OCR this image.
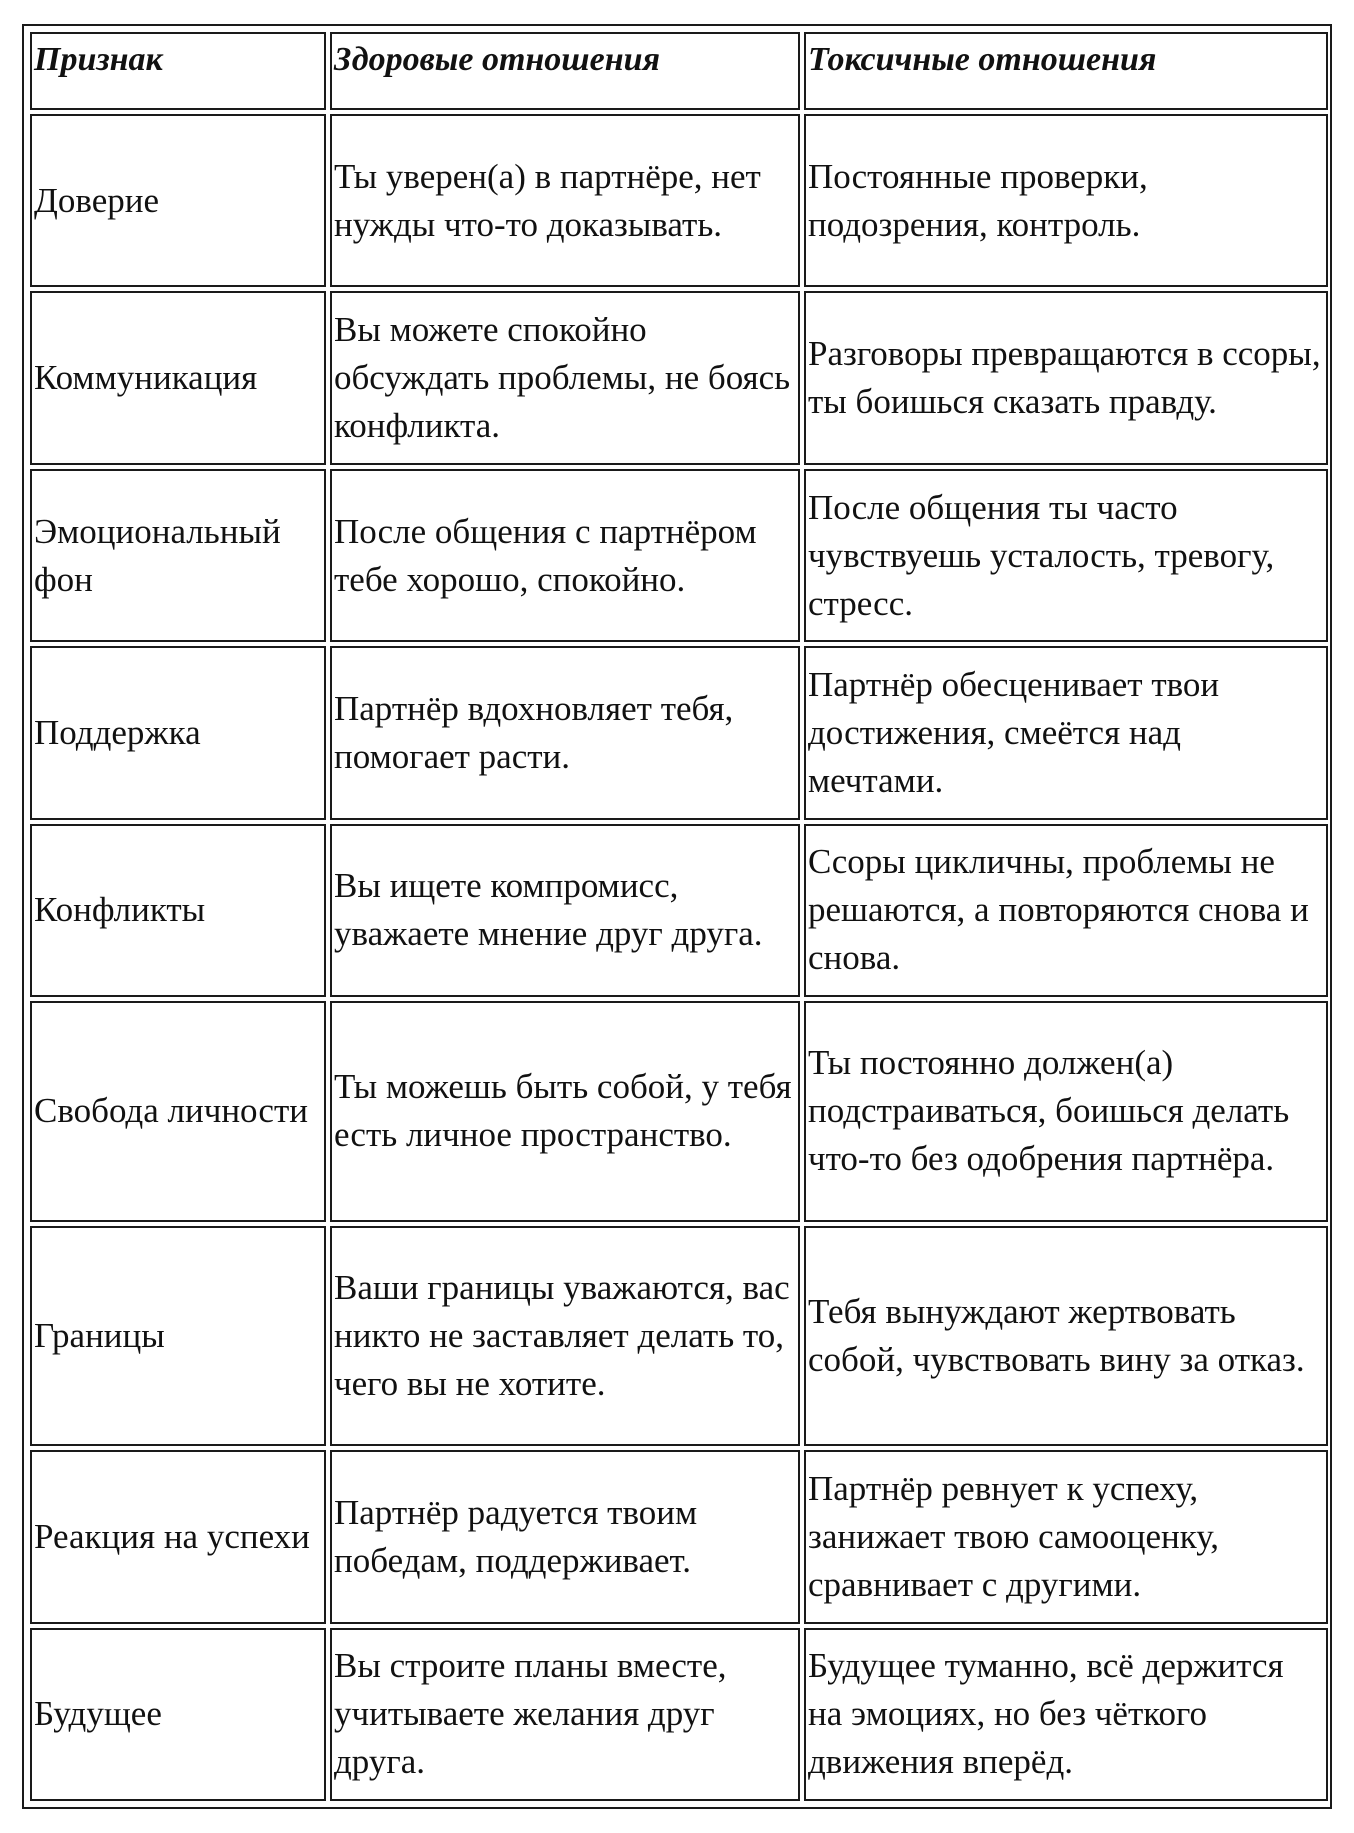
Признак	Здоровые отношения	Токсичные отношения
Доверие	Ты уверен(а) в партнёре, нет нужды что-то доказывать.	Постоянные проверки, подозрения, контроль.
Коммуникация	Вы можете спокойно обсуждать проблемы, не боясь конфликта.	Разговоры превращаются в ссоры, ты боишься сказать правду.
Эмоциональный фон	После общения с партнёром тебе хорошо, спокойно.	После общения ты часто чувствуешь усталость, тревогу, стресс.
Поддержка	Партнёр вдохновляет тебя, помогает расти.	Партнёр обесценивает твои достижения, смеётся над мечтами.
Конфликты	Вы ищете компромисс, уважаете мнение друг друга.	Ссоры цикличны, проблемы не решаются, а повторяются снова и снова.
Свобода личности	Ты можешь быть собой, у тебя есть личное пространство.	Ты постоянно должен(а) подстраиваться, боишься делать что-то без одобрения партнёра.
Границы	Ваши границы уважаются, вас никто не заставляет делать то, чего вы не хотите.	Тебя вынуждают жертвовать собой, чувствовать вину за отказ.
Реакция на успехи	Партнёр радуется твоим победам, поддерживает.	Партнёр ревнует к успеху, занижает твою самооценку, сравнивает с другими.
Будущее	Вы строите планы вместе, учитываете желания друг друга.	Будущее туманно, всё держится на эмоциях, но без чёткого движения вперёд.
